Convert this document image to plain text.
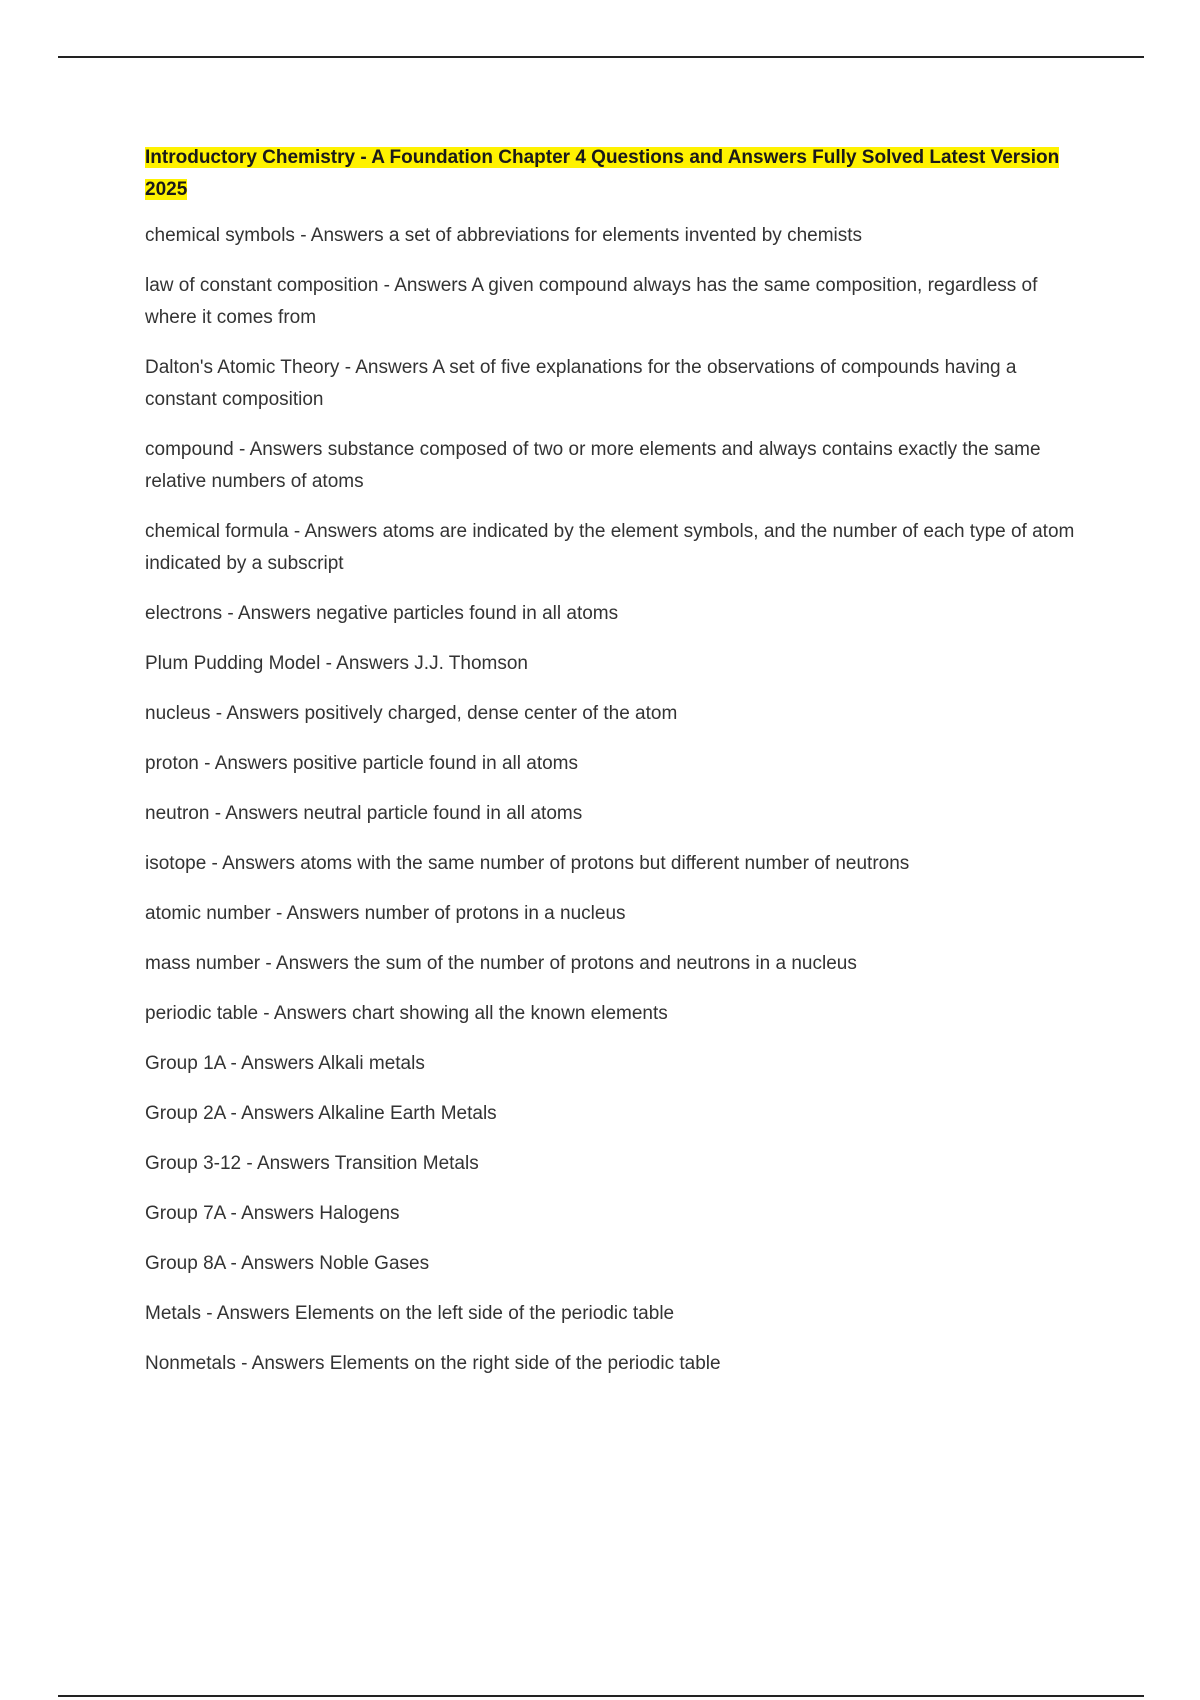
Introductory Chemistry - A Foundation Chapter 4 Questions and Answers Fully Solved Latest Version 2025

chemical symbols - Answers a set of abbreviations for elements invented by chemists

law of constant composition - Answers A given compound always has the same composition, regardless of where it comes from

Dalton's Atomic Theory - Answers A set of five explanations for the observations of compounds having a constant composition

compound - Answers substance composed of two or more elements and always contains exactly the same relative numbers of atoms

chemical formula - Answers atoms are indicated by the element symbols, and the number of each type of atom indicated by a subscript

electrons - Answers negative particles found in all atoms

Plum Pudding Model - Answers J.J. Thomson

nucleus - Answers positively charged, dense center of the atom

proton - Answers positive particle found in all atoms

neutron - Answers neutral particle found in all atoms

isotope - Answers atoms with the same number of protons but different number of neutrons

atomic number - Answers number of protons in a nucleus

mass number - Answers the sum of the number of protons and neutrons in a nucleus

periodic table - Answers chart showing all the known elements

Group 1A - Answers Alkali metals

Group 2A - Answers Alkaline Earth Metals

Group 3-12 - Answers Transition Metals

Group 7A - Answers Halogens

Group 8A - Answers Noble Gases

Metals - Answers Elements on the left side of the periodic table

Nonmetals - Answers Elements on the right side of the periodic table
